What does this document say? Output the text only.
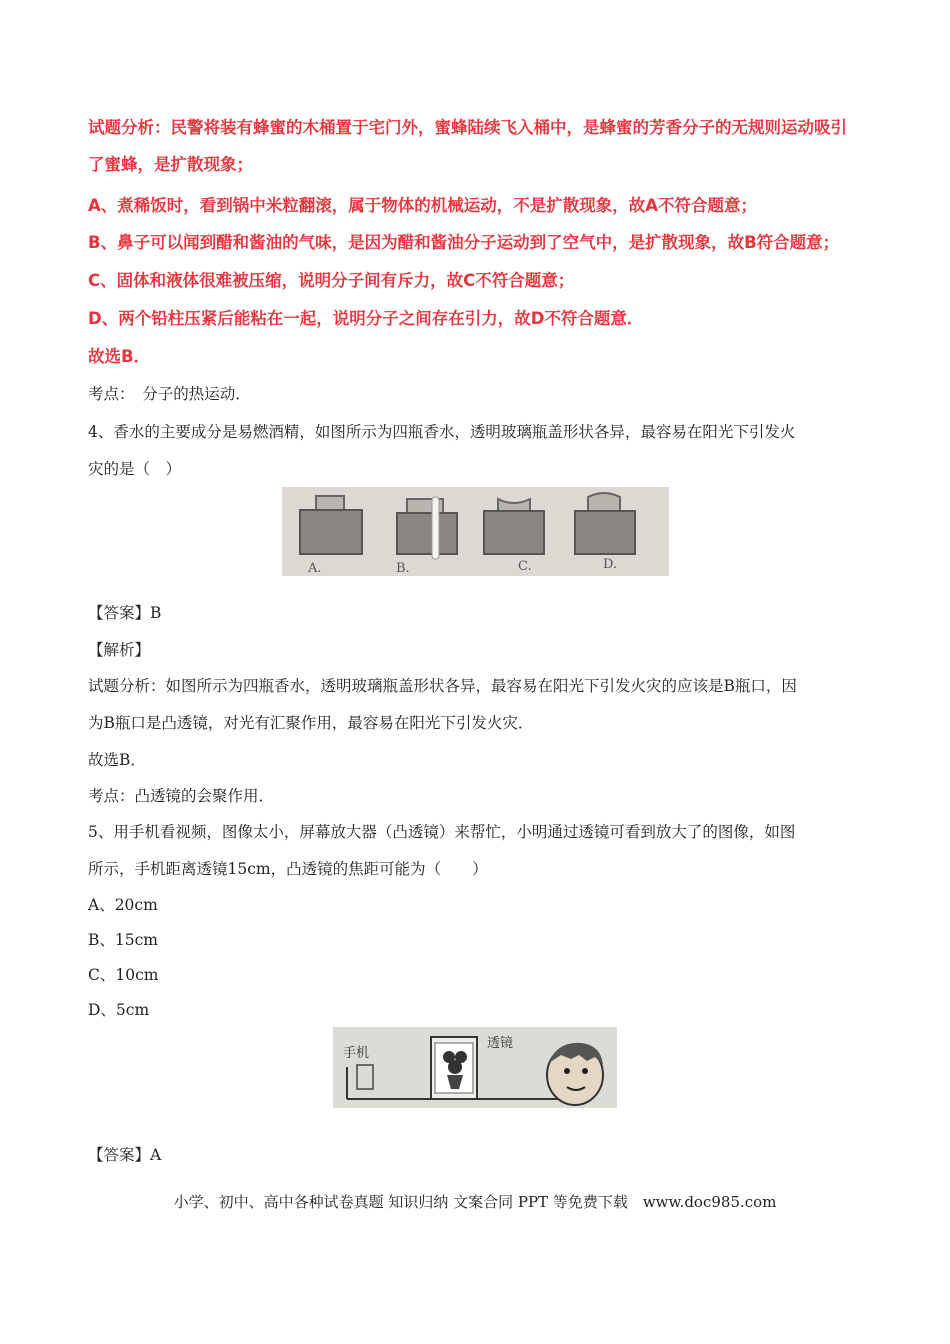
试题分析：民警将装有蜂蜜的木桶置于宅门外，蜜蜂陆续飞入桶中，是蜂蜜的芳香分子的无规则运动吸引
了蜜蜂，是扩散现象；
A、煮稀饭时，看到锅中米粒翻滚，属于物体的机械运动，不是扩散现象，故A不符合题意；
B、鼻子可以闻到醋和酱油的气味，是因为醋和酱油分子运动到了空气中，是扩散现象，故B符合题意；
C、固体和液体很难被压缩，说明分子间有斥力，故C不符合题意；
D、两个铅柱压紧后能粘在一起，说明分子之间存在引力，故D不符合题意．
故选B．
考点：　分子的热运动．
4、香水的主要成分是易燃酒精，如图所示为四瓶香水，透明玻璃瓶盖形状各异，最容易在阳光下引发火
灾的是（　）
A.	B.	C.	D.
【答案】B
【解析】
试题分析：如图所示为四瓶香水，透明玻璃瓶盖形状各异，最容易在阳光下引发火灾的应该是B瓶口，因
为B瓶口是凸透镜，对光有汇聚作用，最容易在阳光下引发火灾．
故选B．
考点：凸透镜的会聚作用．
5、用手机看视频，图像太小，屏幕放大器（凸透镜）来帮忙，小明通过透镜可看到放大了的图像，如图
所示，手机距离透镜15cm，凸透镜的焦距可能为（　　）
A、20cm
B、15cm
C、10cm
D、5cm
手机
透镜
【答案】A
小学、初中、高中各种试卷真题 知识归纳 文案合同 PPT 等免费下载　www.doc985.com
